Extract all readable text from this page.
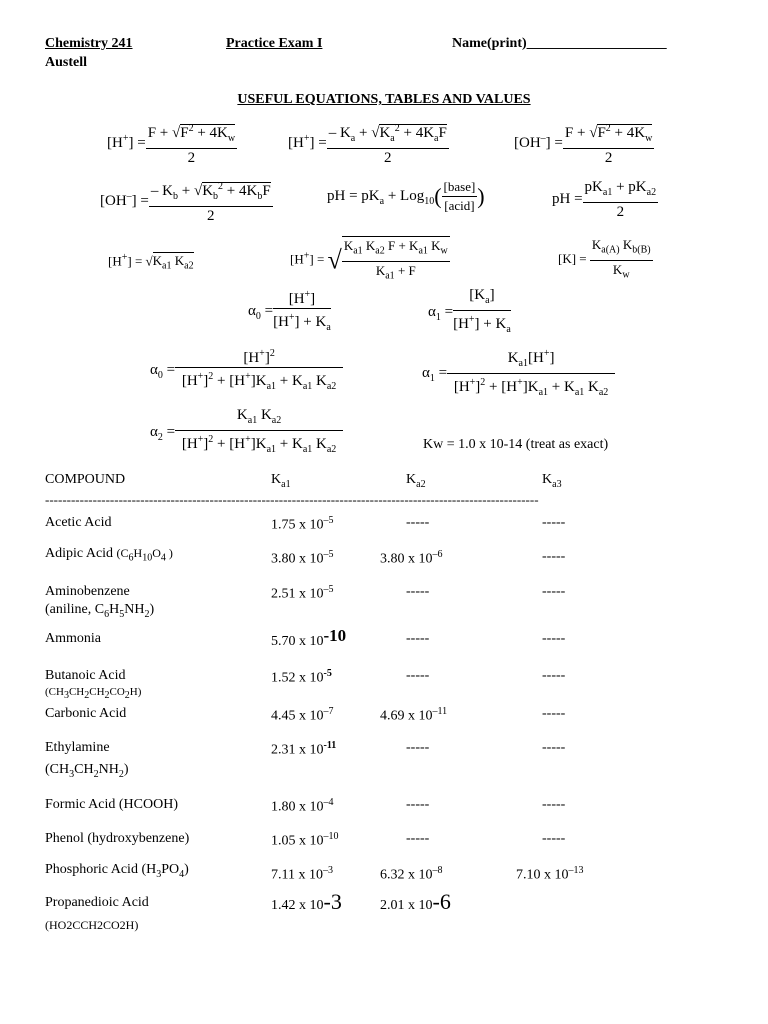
Chemistry 241
Austell
Practice Exam I	Name(print)____________________
USEFUL EQUATIONS, TABLES AND VALUES
$[H^+] = \frac{F + √F^2 + 4K_w}{2}$	$[H^+] = \frac{- K_a + √K_a^2 + 4K_aF}{2}$	$[OH^-] = \frac{F + √F^2 + 4K_w}{2}$
$[OH^-] = \frac{- K_b + √K_b^2 + 4K_bF}{2}$	pH = $pK_a + Log_{10}( \frac{\text{[base]}}{\text{[acid]}}$ )	pH = $\frac{pK_{a1} + pK_{a2}}{2}$
$[H^+] = √K_{a1}$ $K_{a2}$	[H+] = √ $\frac{K_{a1} K_{a2} F + K_{a1} K_w}{K_{a1} + F}$	$[K] = \frac{K_{a(A)} K_{b(B)}}{K_w}$
$\alpha_0 = \frac{[H^+]}{[H^+] + K_a}$	$\alpha_1 = \frac{[K_a]}{[H^+] + K_a}$
$\alpha_0 = \frac{[H^+]^2}{[H^+]^2 + [H^+]K_{a1} + K_{a1} K_{a2}}$	$\alpha_1 = \frac{K_{a1}[H^+]}{[H^+]^2 + [H^+]K_{a1} + K_{a1} K_{a2}}$
$\alpha_2 = \frac{K_{a1} K_{a2}}{[H^+]^2 + [H^+]K_{a1} + K_{a1} K_{a2}}$	Kw = 1.0 x 10-14 (treat as exact)
COMPOUND	$K_{a1}$	$K_{a2}$	$K_{a3}$
------------------------------------------------------------------------------------------------------------------
Acetic Acid	1.75 x $10^{-5}$	-----	-----
Adipic Acid ($C_6H_{10}O_4$ )	3.80 x $10^{-5}$	3.80 x $10^{-6}$	-----
Aminobenzene
(aniline, $C_6H_5NH_2$)
2.51 x $10^{-5}$	-----	-----
Ammonia	5.70 x 10-10	-----	-----
Butanoic Acid
$(CH_3CH_2CH_2CO_2H)$
1.52 x $10^{-5}$	-----	-----
Carbonic Acid	4.45 x $10^{-7}$	4.69 x $10^{-11}$	-----
Ethylamine
$(CH_3CH_2NH_2)$
2.31 x $10^{-11}$	-----	-----
Formic Acid (HCOOH)	1.80 x $10^{-4}$	-----	-----
Phenol (hydroxybenzene)	1.05 x $10^{-10}$	-----	-----
Phosphoric Acid $(H_3PO_4)$	7.11 x $10^{-3}$	6.32 x $10^{-8}$	7.10 x $10^{-13}$
Propanedioic Acid
(HO2CCH2CO2H)
1.42 x 10-3	2.01 x 10-6
